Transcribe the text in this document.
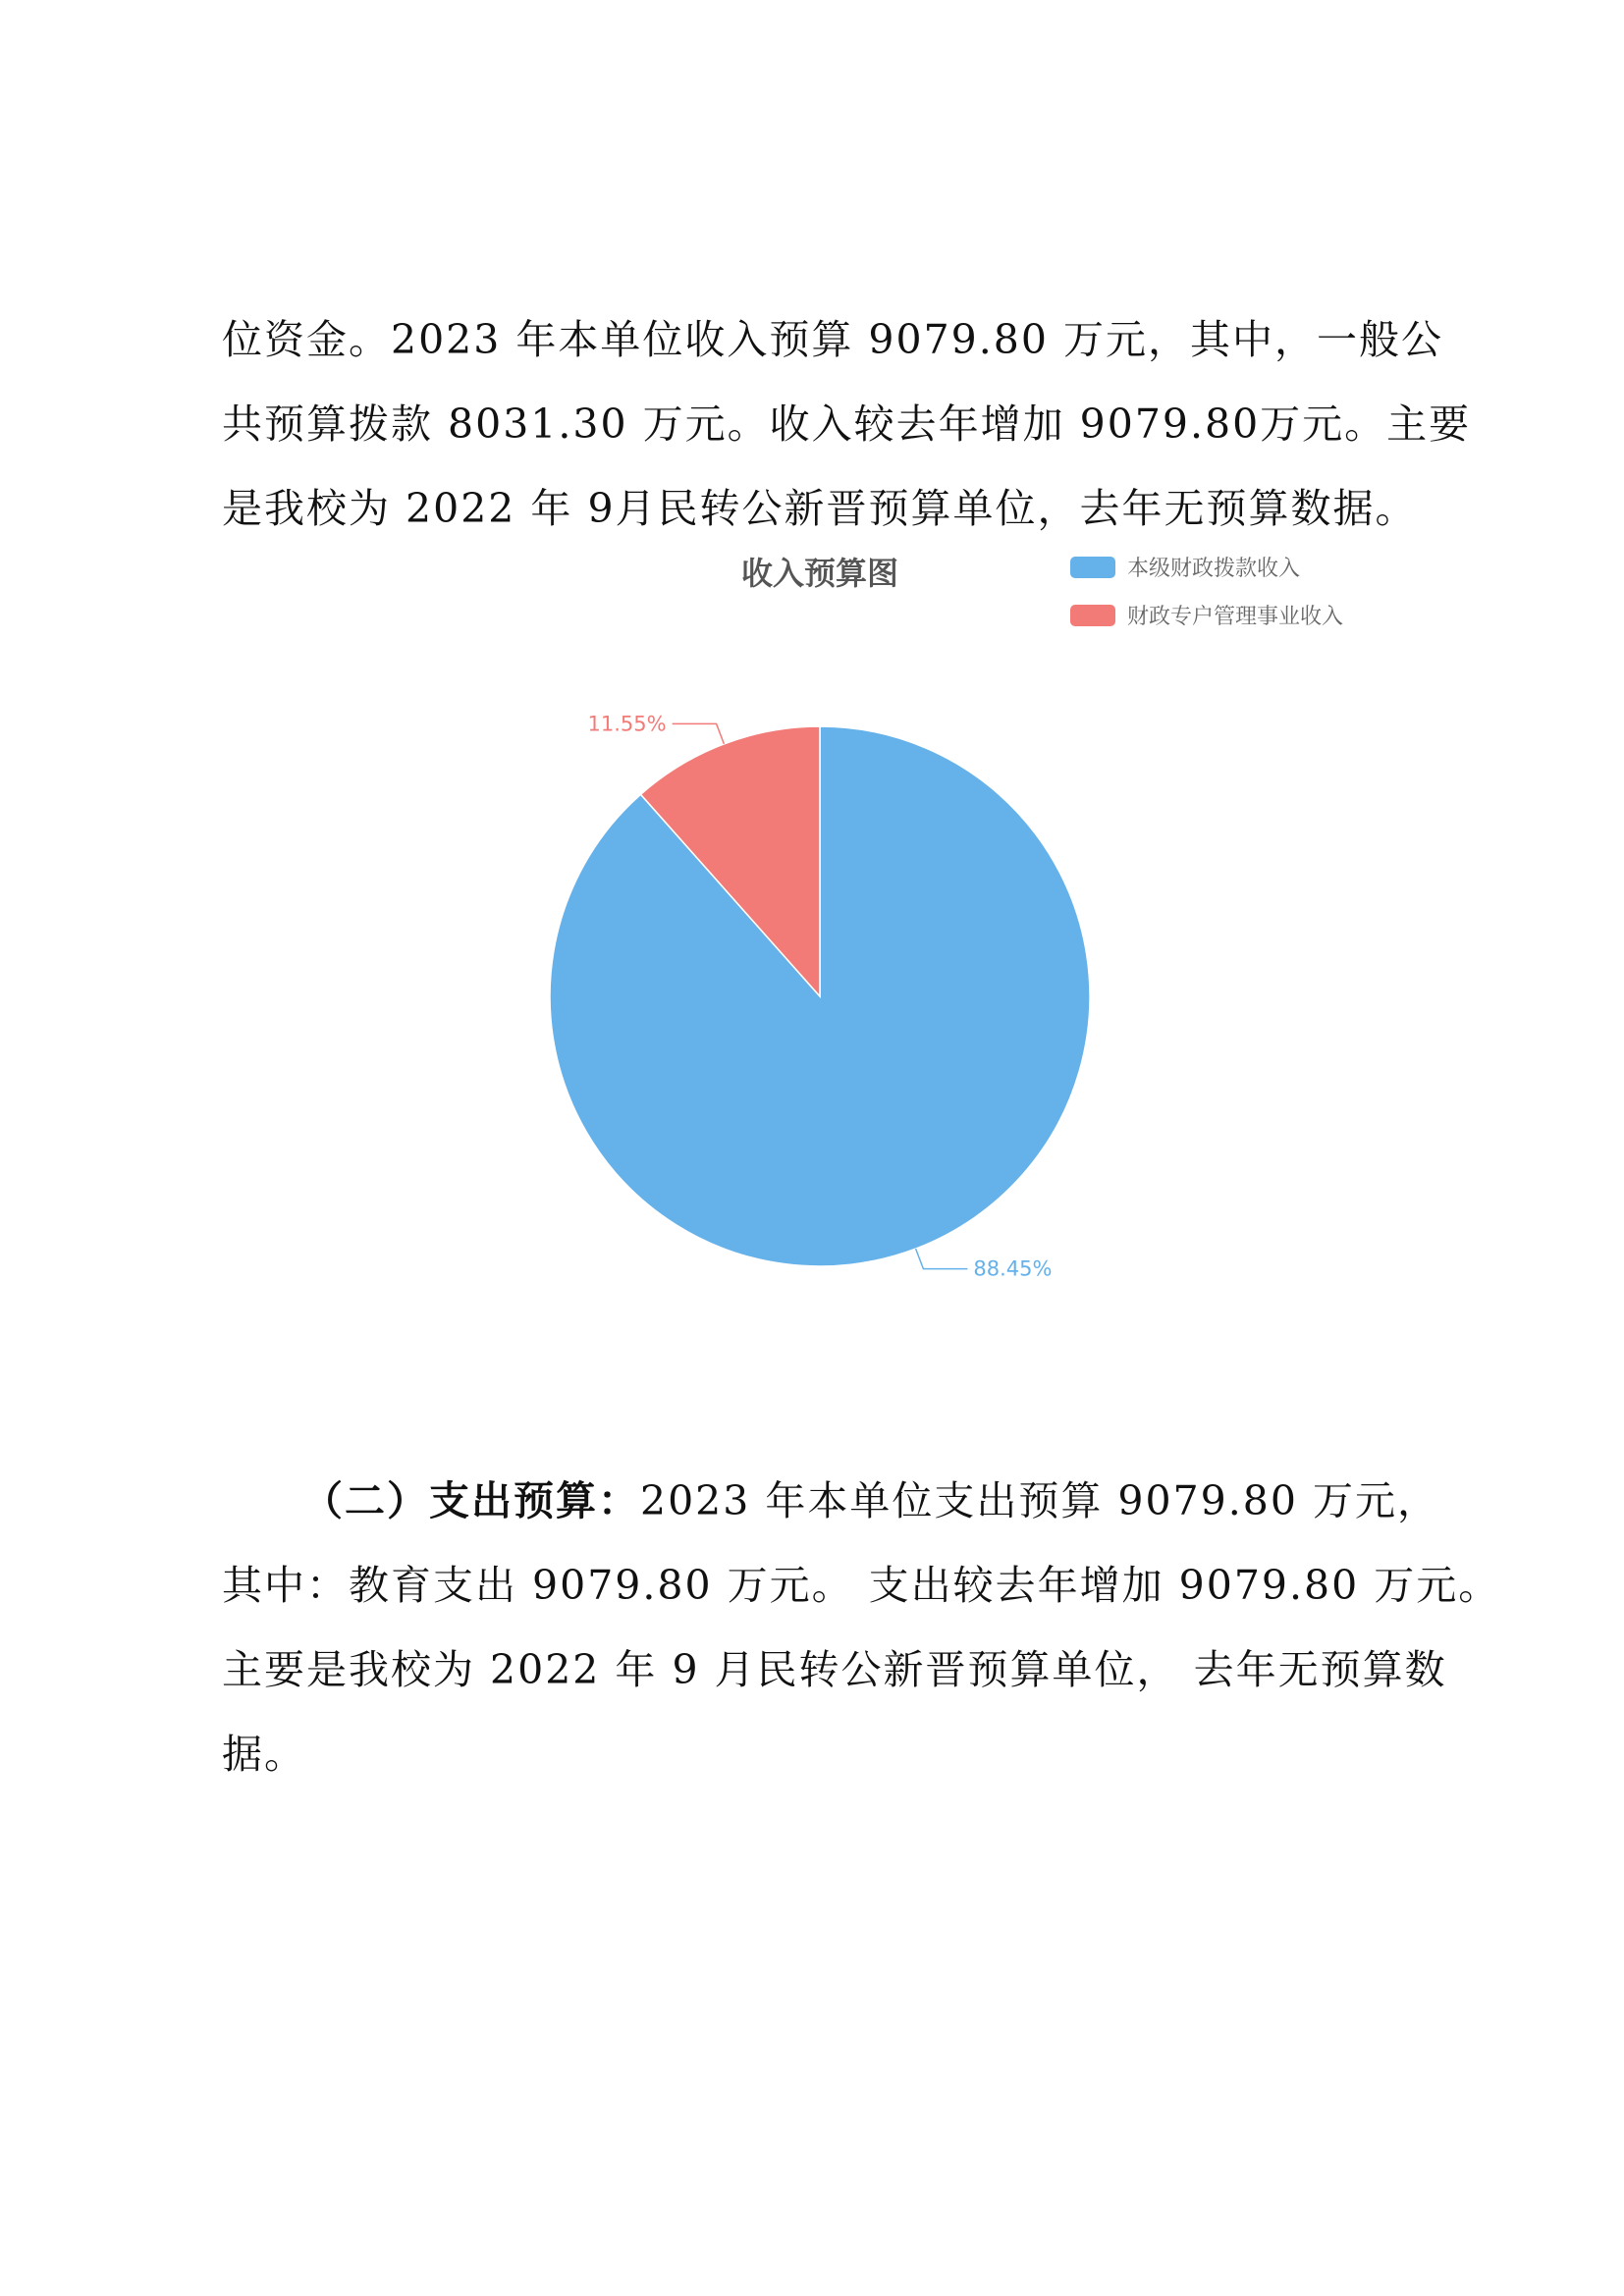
位资金。2023 年本单位收入预算 9079.80 万元，其中，一般公
共预算拨款 8031.30 万元。收入较去年增加 9079.80万元。主要
是我校为 2022 年 9月民转公新晋预算单位，去年无预算数据。
收入预算图	本级财政拨款收入
财政专户管理事业收入
88.45%
11.55%
（二）支出预算：2023 年本单位支出预算 9079.80 万元，
其中：教育支出 9079.80 万元。 支出较去年增加 9079.80 万元。
主要是我校为 2022 年 9 月民转公新晋预算单位， 去年无预算数
据。
